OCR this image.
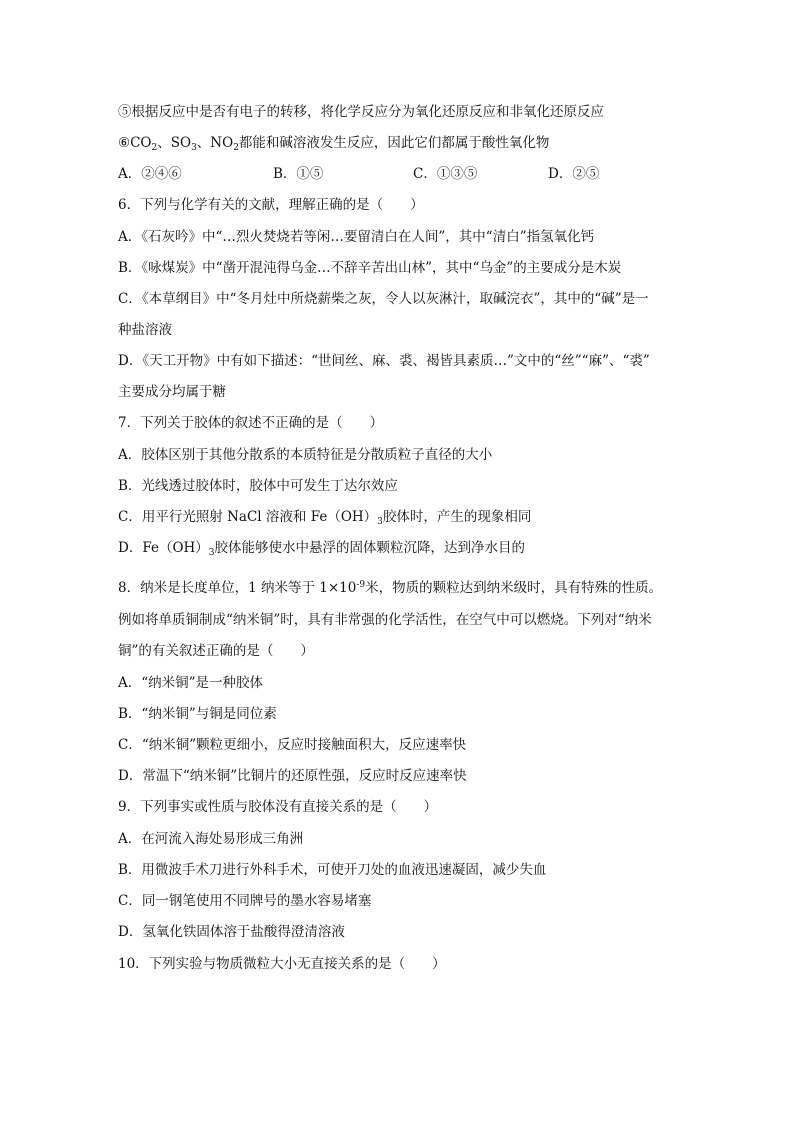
⑤根据反应中是否有电子的转移，将化学反应分为氧化还原反应和非氧化还原反应
$⑥CO_2$、$SO_3$、$NO_2$都能和碱溶液发生反应，因此它们都属于酸性氧化物
A．②④⑥	B．①⑤	C．①③⑤	D．②⑤
6．下列与化学有关的文献，理解正确的是（　　）
A．《石灰吟》中“…烈火焚烧若等闲…要留清白在人间”，其中“清白”指氢氧化钙
B．《咏煤炭》中“凿开混沌得乌金…不辞辛苦出山林”，其中“乌金”的主要成分是木炭
C．《本草纲目》中“冬月灶中所烧薪柴之灰，令人以灰淋汁，取碱浣衣”，其中的“碱”是一
种盐溶液
D．《天工开物》中有如下描述：“世间丝、麻、裘、褐皆具素质…”文中的“丝”“麻”、“裘”
主要成分均属于糖
7．下列关于胶体的叙述不正确的是（　　）
A．胶体区别于其他分散系的本质特征是分散质粒子直径的大小
B．光线透过胶体时，胶体中可发生丁达尔效应
C．用平行光照射 NaCl 溶液和 $Fe(OH)_3$胶体时，产生的现象相同
D．$Fe(OH)_3$胶体能够使水中悬浮的固体颗粒沉降，达到净水目的
8．纳米是长度单位，1 纳米等于 $1\times 10^{-9}$米，物质的颗粒达到纳米级时，具有特殊的性质。
例如将单质铜制成“纳米铜”时，具有非常强的化学活性，在空气中可以燃烧。下列对“纳米
铜”的有关叙述正确的是（　　）
A．“纳米铜”是一种胶体
B．“纳米铜”与铜是同位素
C．“纳米铜”颗粒更细小，反应时接触面积大，反应速率快
D．常温下“纳米铜”比铜片的还原性强，反应时反应速率快
9．下列事实或性质与胶体没有直接关系的是（　　）
A．在河流入海处易形成三角洲
B．用微波手术刀进行外科手术，可使开刀处的血液迅速凝固，减少失血
C．同一钢笔使用不同牌号的墨水容易堵塞
D．氢氧化铁固体溶于盐酸得澄清溶液
10．下列实验与物质微粒大小无直接关系的是（　　）
